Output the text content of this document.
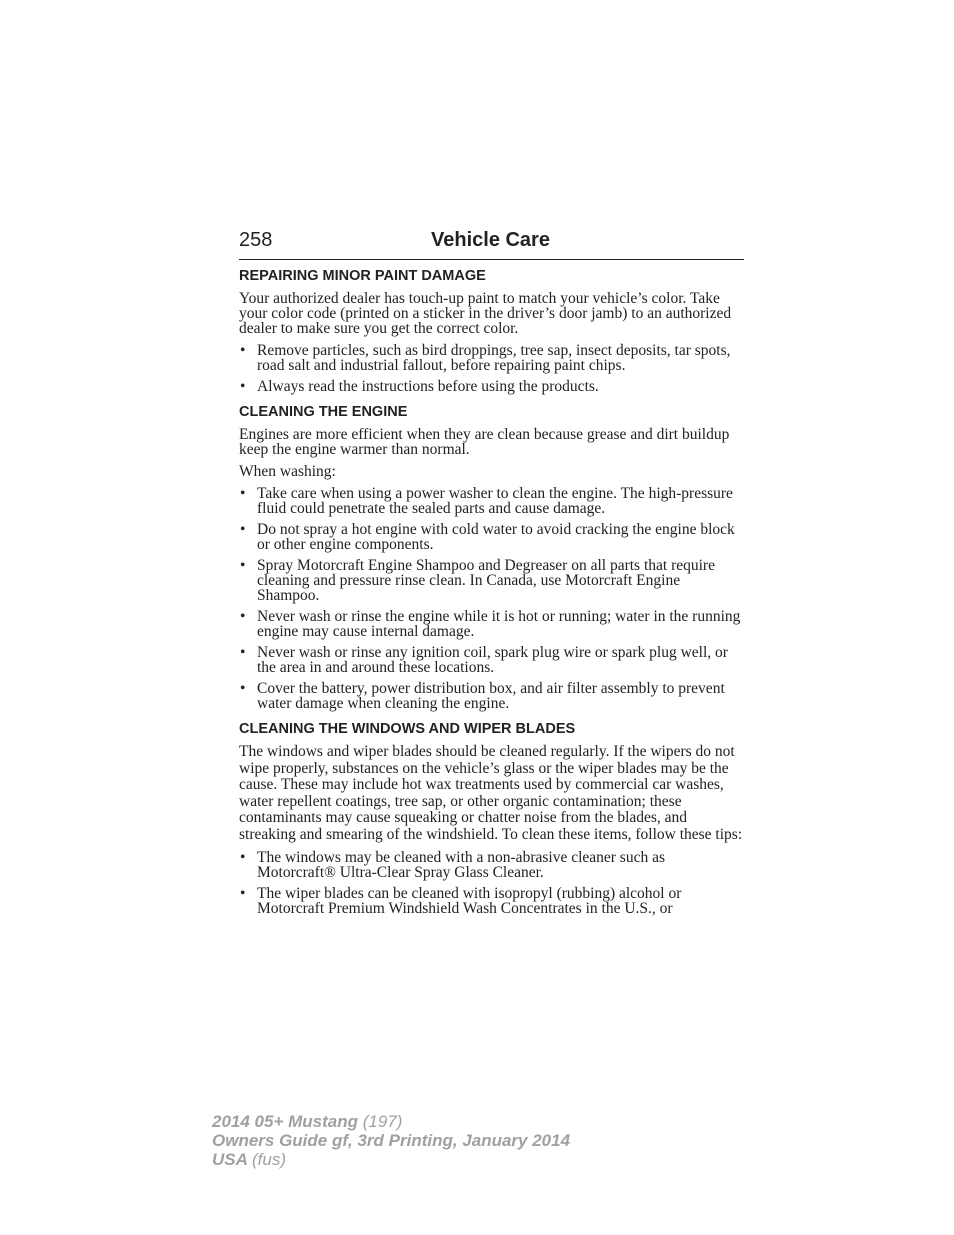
258	Vehicle Care
REPAIRING MINOR PAINT DAMAGE

Your authorized dealer has touch-up paint to match your vehicle’s color. Take your color code (printed on a sticker in the driver’s door jamb) to an authorized dealer to make sure you get the correct color.

• Remove particles, such as bird droppings, tree sap, insect deposits, tar spots, road salt and industrial fallout, before repairing paint chips.
• Always read the instructions before using the products.
CLEANING THE ENGINE

Engines are more efficient when they are clean because grease and dirt buildup keep the engine warmer than normal.

When washing:

• Take care when using a power washer to clean the engine. The high-pressure fluid could penetrate the sealed parts and cause damage.
• Do not spray a hot engine with cold water to avoid cracking the engine block or other engine components.
• Spray Motorcraft Engine Shampoo and Degreaser on all parts that require cleaning and pressure rinse clean. In Canada, use Motorcraft Engine Shampoo.
• Never wash or rinse the engine while it is hot or running; water in the running engine may cause internal damage.
• Never wash or rinse any ignition coil, spark plug wire or spark plug well, or the area in and around these locations.
• Cover the battery, power distribution box, and air filter assembly to prevent water damage when cleaning the engine.
CLEANING THE WINDOWS AND WIPER BLADES

The windows and wiper blades should be cleaned regularly. If the wipers do not wipe properly, substances on the vehicle’s glass or the wiper blades may be the cause. These may include hot wax treatments used by commercial car washes, water repellent coatings, tree sap, or other organic contamination; these contaminants may cause squeaking or chatter noise from the blades, and streaking and smearing of the windshield. To clean these items, follow these tips:

• The windows may be cleaned with a non-abrasive cleaner such as Motorcraft® Ultra-Clear Spray Glass Cleaner.
• The wiper blades can be cleaned with isopropyl (rubbing) alcohol or Motorcraft Premium Windshield Wash Concentrates in the U.S., or
2014 05+ Mustang (197)
Owners Guide gf, 3rd Printing, January 2014
USA (fus)
